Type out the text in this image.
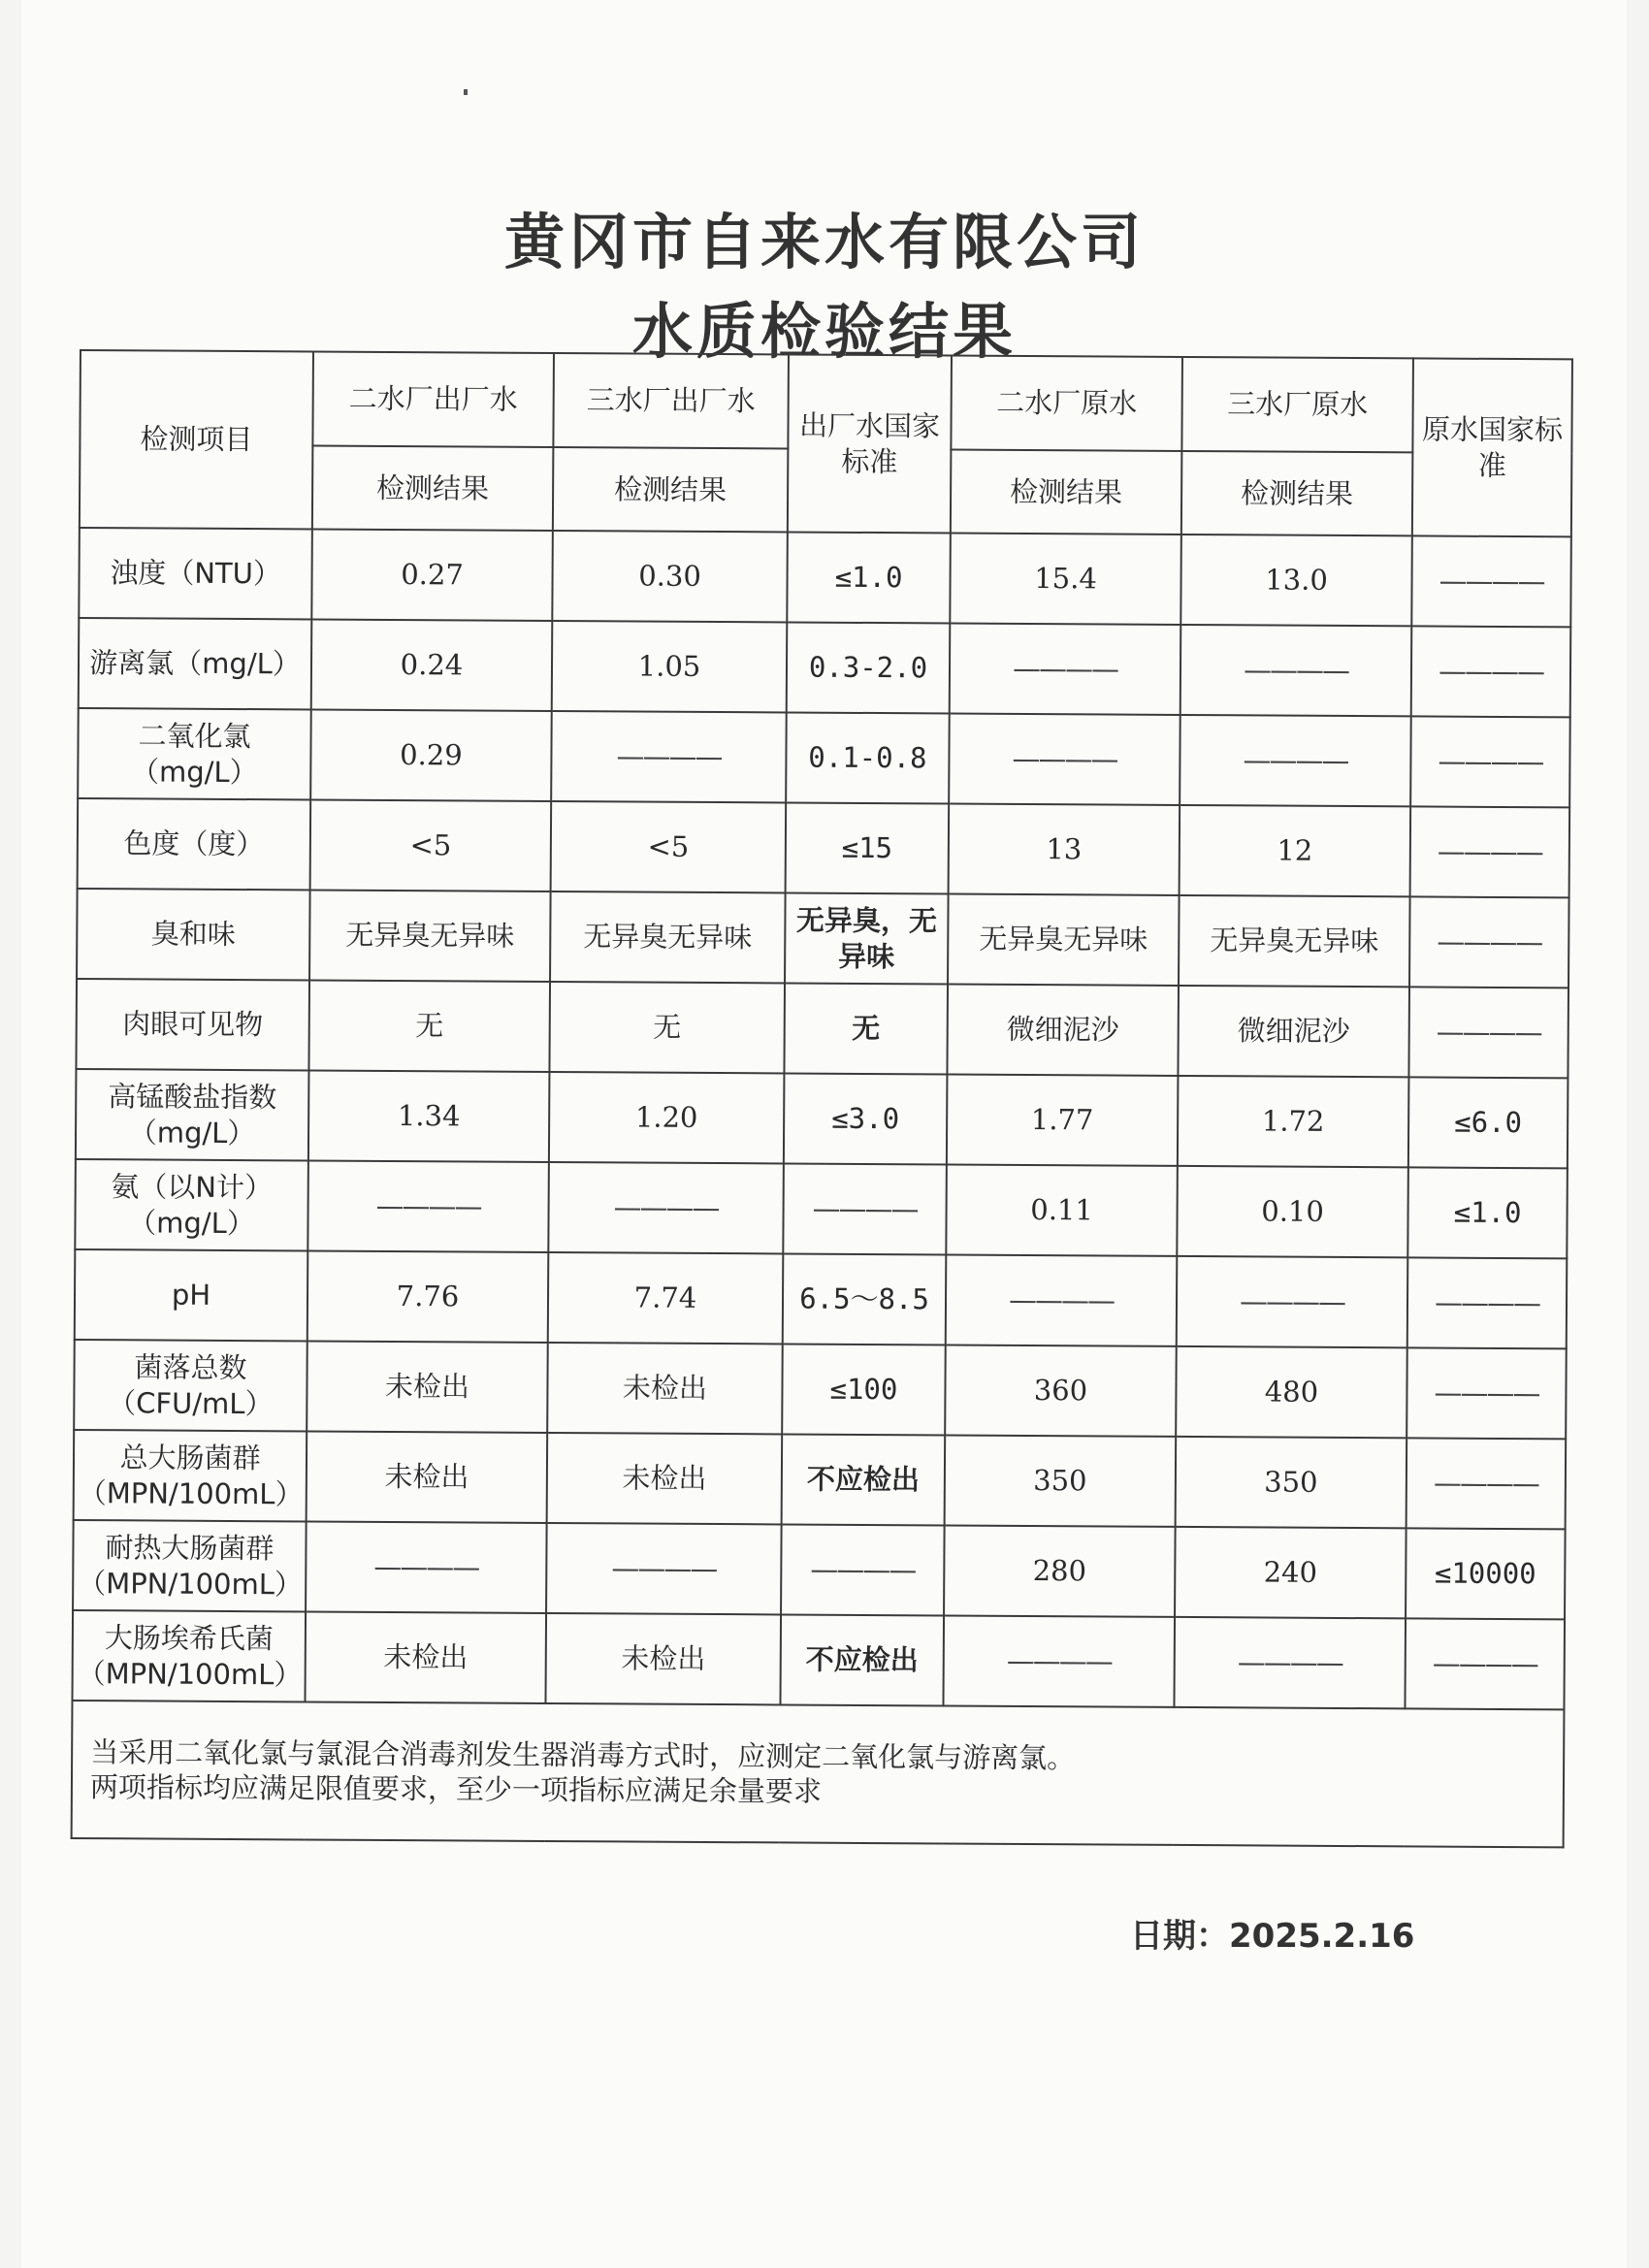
黄冈市自来水有限公司
水质检验结果
检测项目	二水厂出厂水	三水厂出厂水	出厂水国家标准	二水厂原水	三水厂原水	原水国家标准
	检测结果	检测结果		检测结果	检测结果	
浊度（NTU）	0.27	0.30	≤1.0	15.4	13.0	————
游离氯（mg/L）	0.24	1.05	0.3-2.0	————	————	————
二氧化氯（mg/L）	0.29	————	0.1-0.8	————	————	————
色度（度）	<5	<5	≤15	13	12	————
臭和味	无异臭无异味	无异臭无异味	无异臭，无异味	无异臭无异味	无异臭无异味	————
肉眼可见物	无	无	无	微细泥沙	微细泥沙	————
高锰酸盐指数（mg/L）	1.34	1.20	≤3.0	1.77	1.72	≤6.0
氨（以N计）（mg/L）	————	————	————	0.11	0.10	≤1.0
pH	7.76	7.74	6.5～8.5	————	————	————
菌落总数（CFU/mL）	未检出	未检出	≤100	360	480	————
总大肠菌群（MPN/100mL）	未检出	未检出	不应检出	350	350	————
耐热大肠菌群（MPN/100mL）	————	————	————	280	240	≤10000
大肠埃希氏菌（MPN/100mL）	未检出	未检出	不应检出	————	————	————

当采用二氧化氯与氯混合消毒剂发生器消毒方式时，应测定二氧化氯与游离氯。
两项指标均应满足限值要求，至少一项指标应满足余量要求						
日期：2025.2.16
